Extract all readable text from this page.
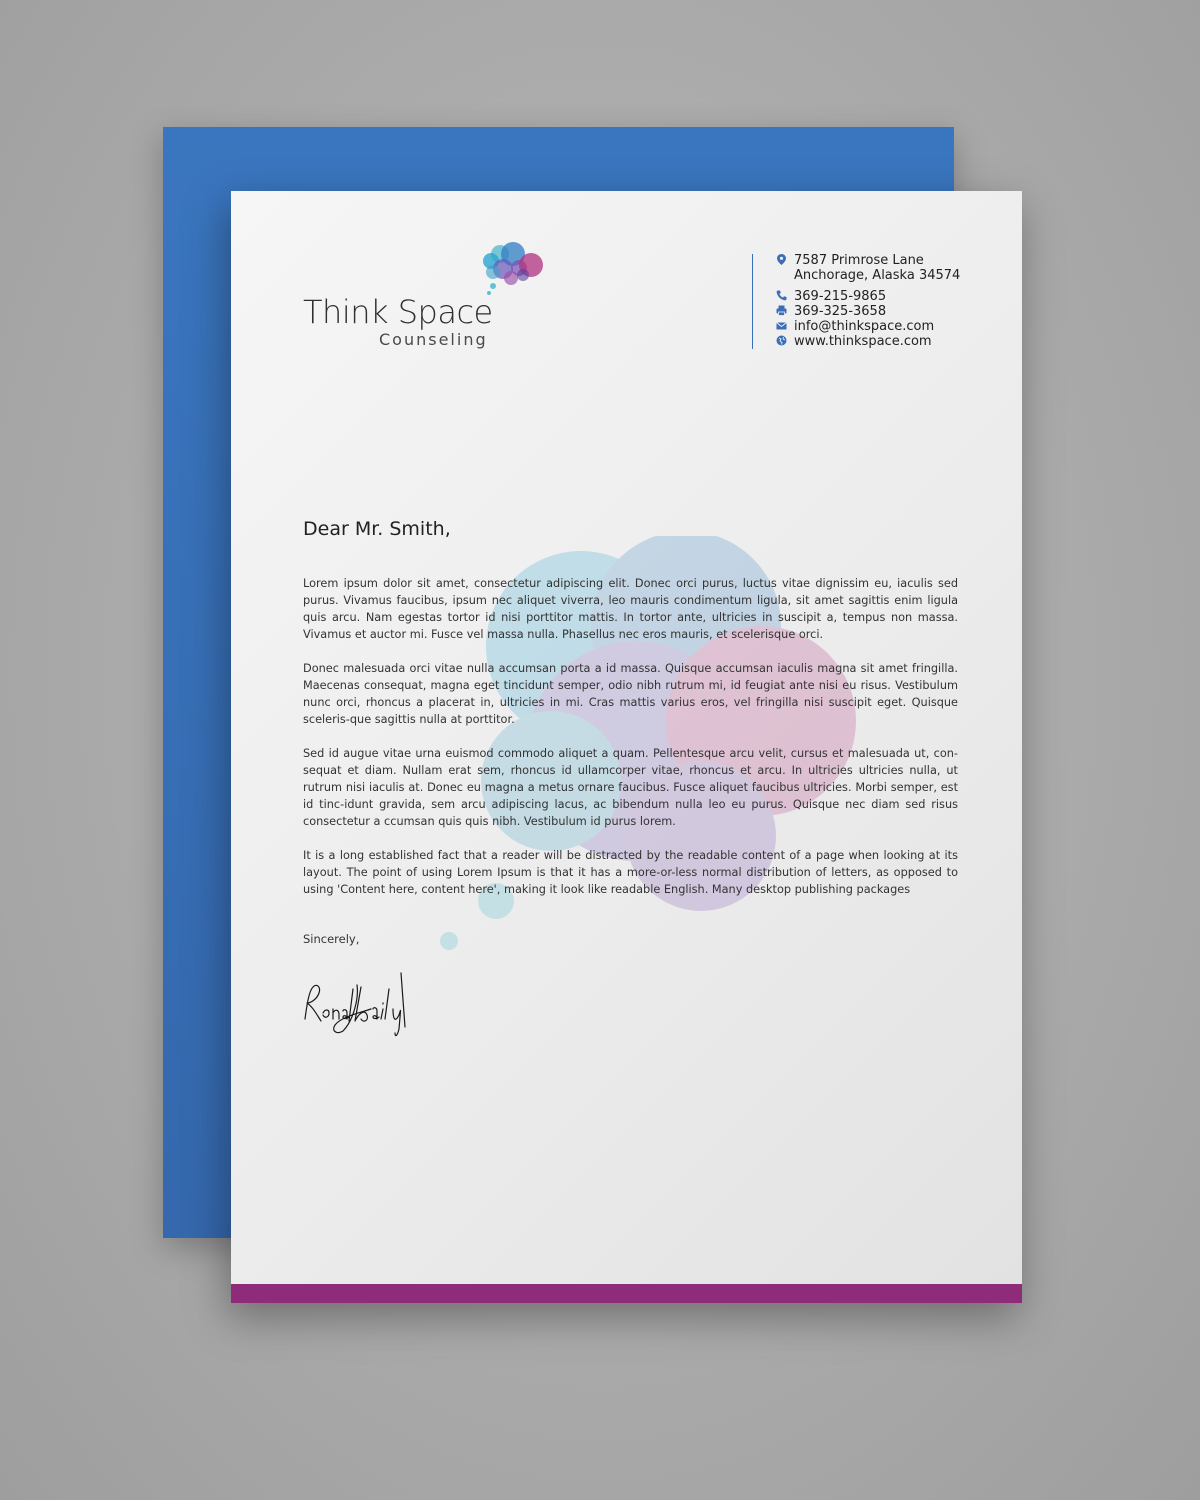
Think Space
Counseling
7587 Primrose Lane
Anchorage, Alaska 34574
369-215-9865
369-325-3658
info@thinkspace.com
www.thinkspace.com
Dear Mr. Smith,

Lorem ipsum dolor sit amet, consectetur adipiscing elit. Donec orci purus, luctus vitae dignissim eu, iaculis sed purus. Vivamus faucibus, ipsum nec aliquet viverra, leo mauris condimentum ligula, sit amet sagittis enim ligula quis arcu. Nam egestas tortor id nisi porttitor mattis. In tortor ante, ultricies in suscipit a, tempus non massa. Vivamus et auctor mi. Fusce vel massa nulla. Phasellus nec eros mauris, et scelerisque orci.

Donec malesuada orci vitae nulla accumsan porta a id massa. Quisque accumsan iaculis magna sit amet fringilla. Maecenas consequat, magna eget tincidunt semper, odio nibh rutrum mi, id feugiat ante nisi eu risus. Vestibulum nunc orci, rhoncus a placerat in, ultricies in mi. Cras mattis varius eros, vel fringilla nisi suscipit eget. Quisque sceleris-que sagittis nulla at porttitor.

Sed id augue vitae urna euismod commodo aliquet a quam. Pellentesque arcu velit, cursus et malesuada ut, con-sequat et diam. Nullam erat sem, rhoncus id ullamcorper vitae, rhoncus et arcu. In ultricies ultricies nulla, ut rutrum nisi iaculis at. Donec eu magna a metus ornare faucibus. Fusce aliquet faucibus ultricies. Morbi semper, est id tinc-idunt gravida, sem arcu adipiscing lacus, ac bibendum nulla leo eu purus. Quisque nec diam sed risus consectetur a ccumsan quis quis nibh. Vestibulum id purus lorem.

It is a long established fact that a reader will be distracted by the readable content of a page when looking at its layout. The point of using Lorem Ipsum is that it has a more-or-less normal distribution of letters, as opposed to using 'Content here, content here', making it look like readable English. Many desktop publishing packages

Sincerely,
